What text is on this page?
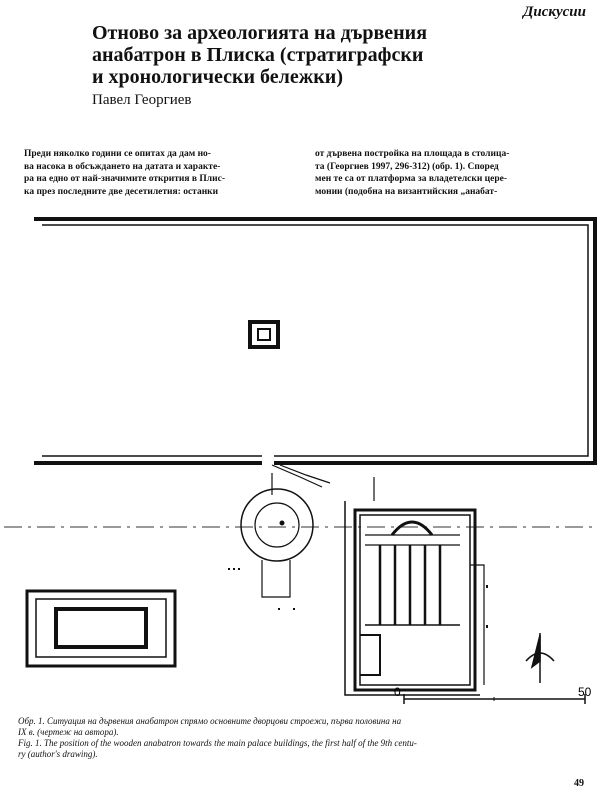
Дискусии
Отново за археологията на дървения
анабатрон в Плиска (стратиграфски
и хронологически бележки)
Павел Георгиев
Преди няколко години се опитах да дам но-
ва насока в обсъждането на датата и характе-
ра на едно от най-значимите открития в Плис-
ка през последните две десетилетия: останки
от дървена постройка на площада в столица-
та (Георгиев 1997, 296-312) (обр. 1). Според
мен те са от платформа за владетелски цере-
монии (подобна на византийския „анабат-
0	50
Обр. 1. Ситуация на дървения анабатрон спрямо основните дворцови строежи, първа половина на
IX в. (чертеж на автора).
Fig. 1. The position of the wooden anabatron towards the main palace buildings, the first half of the 9th centu-
ry (author's drawing).
49
